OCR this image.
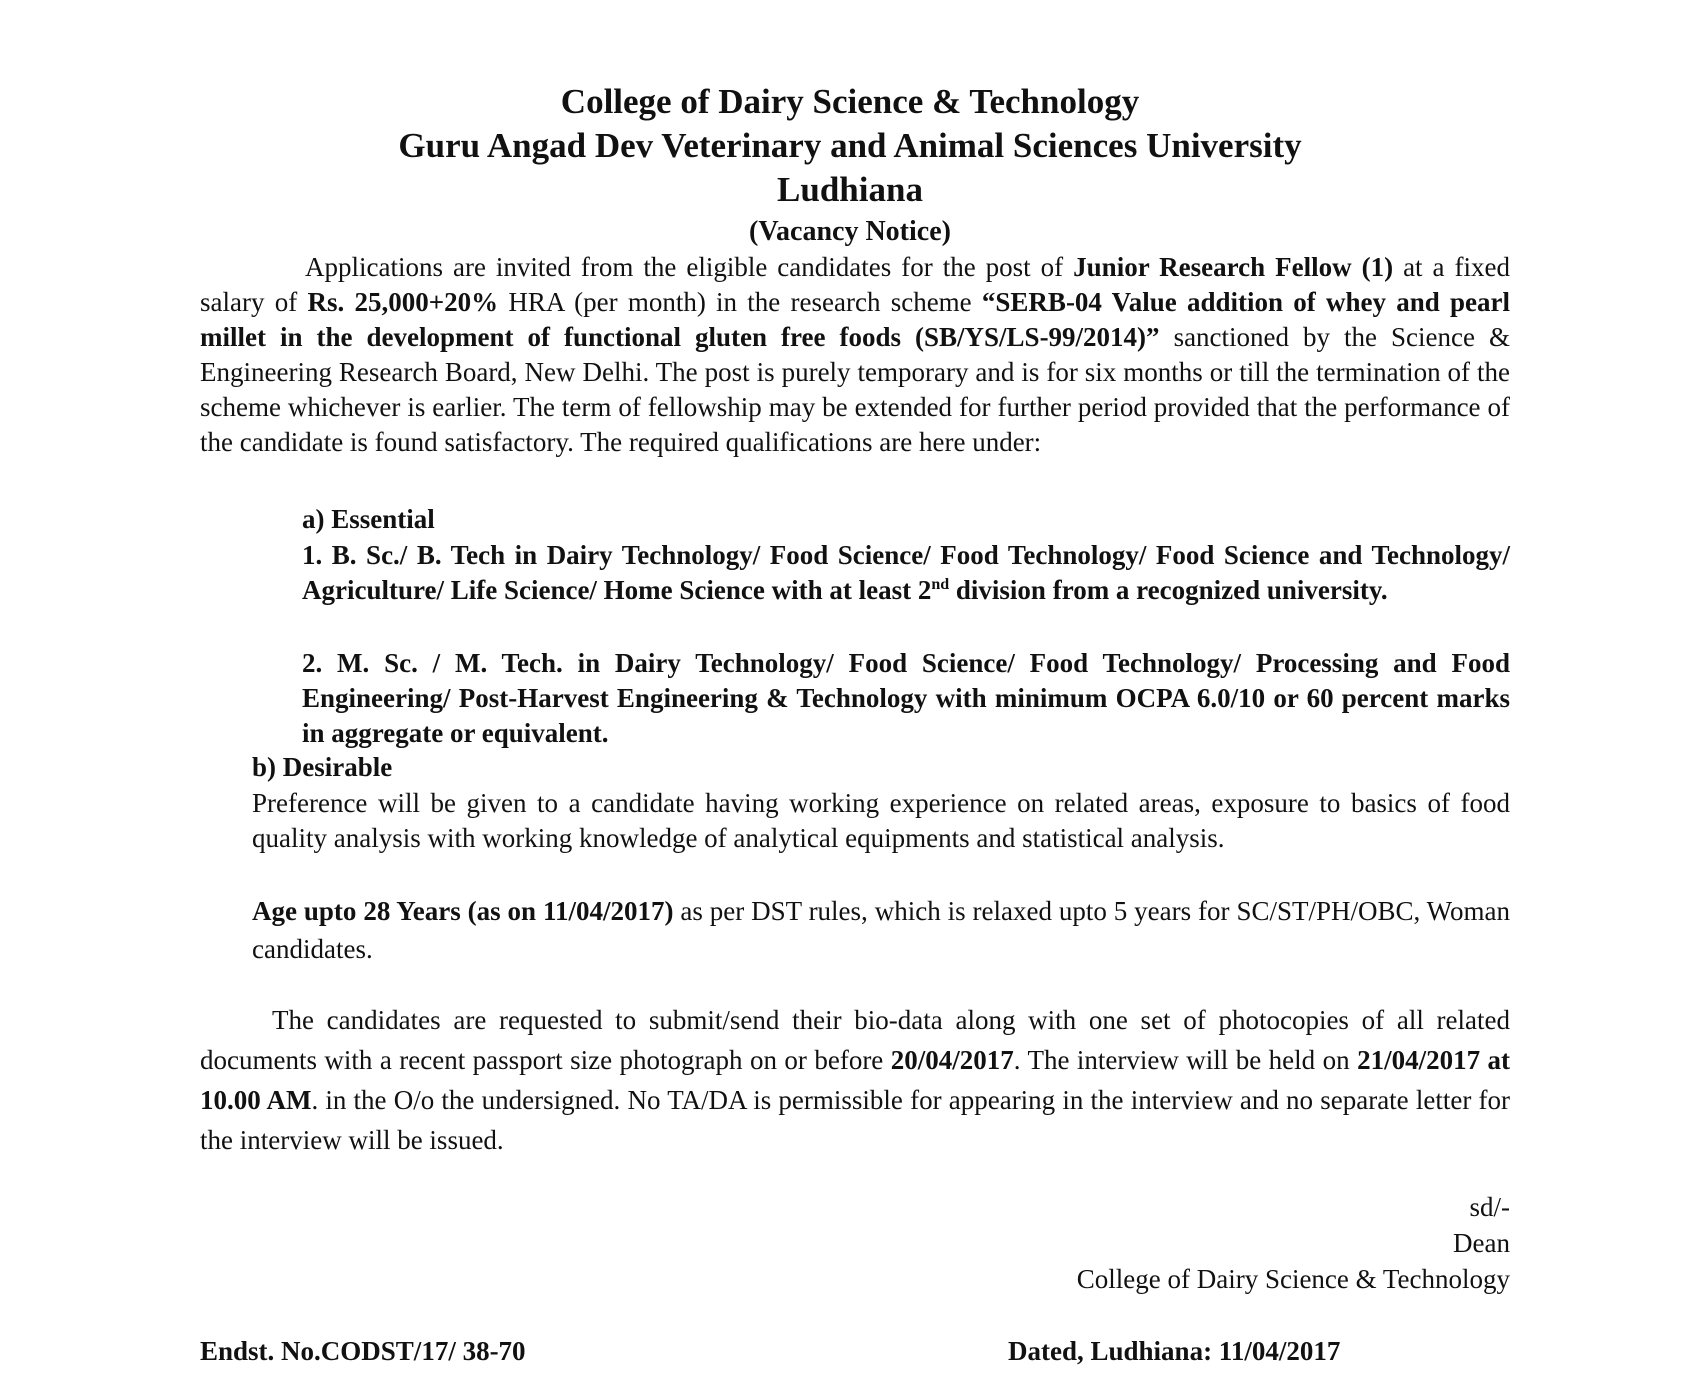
College of Dairy Science & Technology
Guru Angad Dev Veterinary and Animal Sciences University
Ludhiana
(Vacancy Notice)
Applications are invited from the eligible candidates for the post of Junior Research Fellow (1) at a fixed salary of Rs. 25,000+20% HRA (per month) in the research scheme “SERB-04 Value addition of whey and pearl millet in the development of functional gluten free foods (SB/YS/LS-99/2014)” sanctioned by the Science & Engineering Research Board, New Delhi. The post is purely temporary and is for six months or till the termination of the scheme whichever is earlier. The term of fellowship may be extended for further period provided that the performance of the candidate is found satisfactory. The required qualifications are here under:
a) Essential
1. B. Sc./ B. Tech in Dairy Technology/ Food Science/ Food Technology/ Food Science and Technology/ Agriculture/ Life Science/ Home Science with at least 2nd division from a recognized university.
2. M. Sc. / M. Tech. in Dairy Technology/ Food Science/ Food Technology/ Processing and Food Engineering/ Post-Harvest Engineering & Technology with minimum OCPA 6.0/10 or 60 percent marks in aggregate or equivalent.
b) Desirable
Preference will be given to a candidate having working experience on related areas, exposure to basics of food quality analysis with working knowledge of analytical equipments and statistical analysis.
Age upto 28 Years (as on 11/04/2017) as per DST rules, which is relaxed upto 5 years for SC/ST/PH/OBC, Woman candidates.
The candidates are requested to submit/send their bio-data along with one set of photocopies of all related documents with a recent passport size photograph on or before 20/04/2017. The interview will be held on 21/04/2017 at 10.00 AM. in the O/o the undersigned. No TA/DA is permissible for appearing in the interview and no separate letter for the interview will be issued.
sd/-
Dean
College of Dairy Science & Technology
Endst. No.CODST/17/ 38-70	Dated, Ludhiana: 11/04/2017
